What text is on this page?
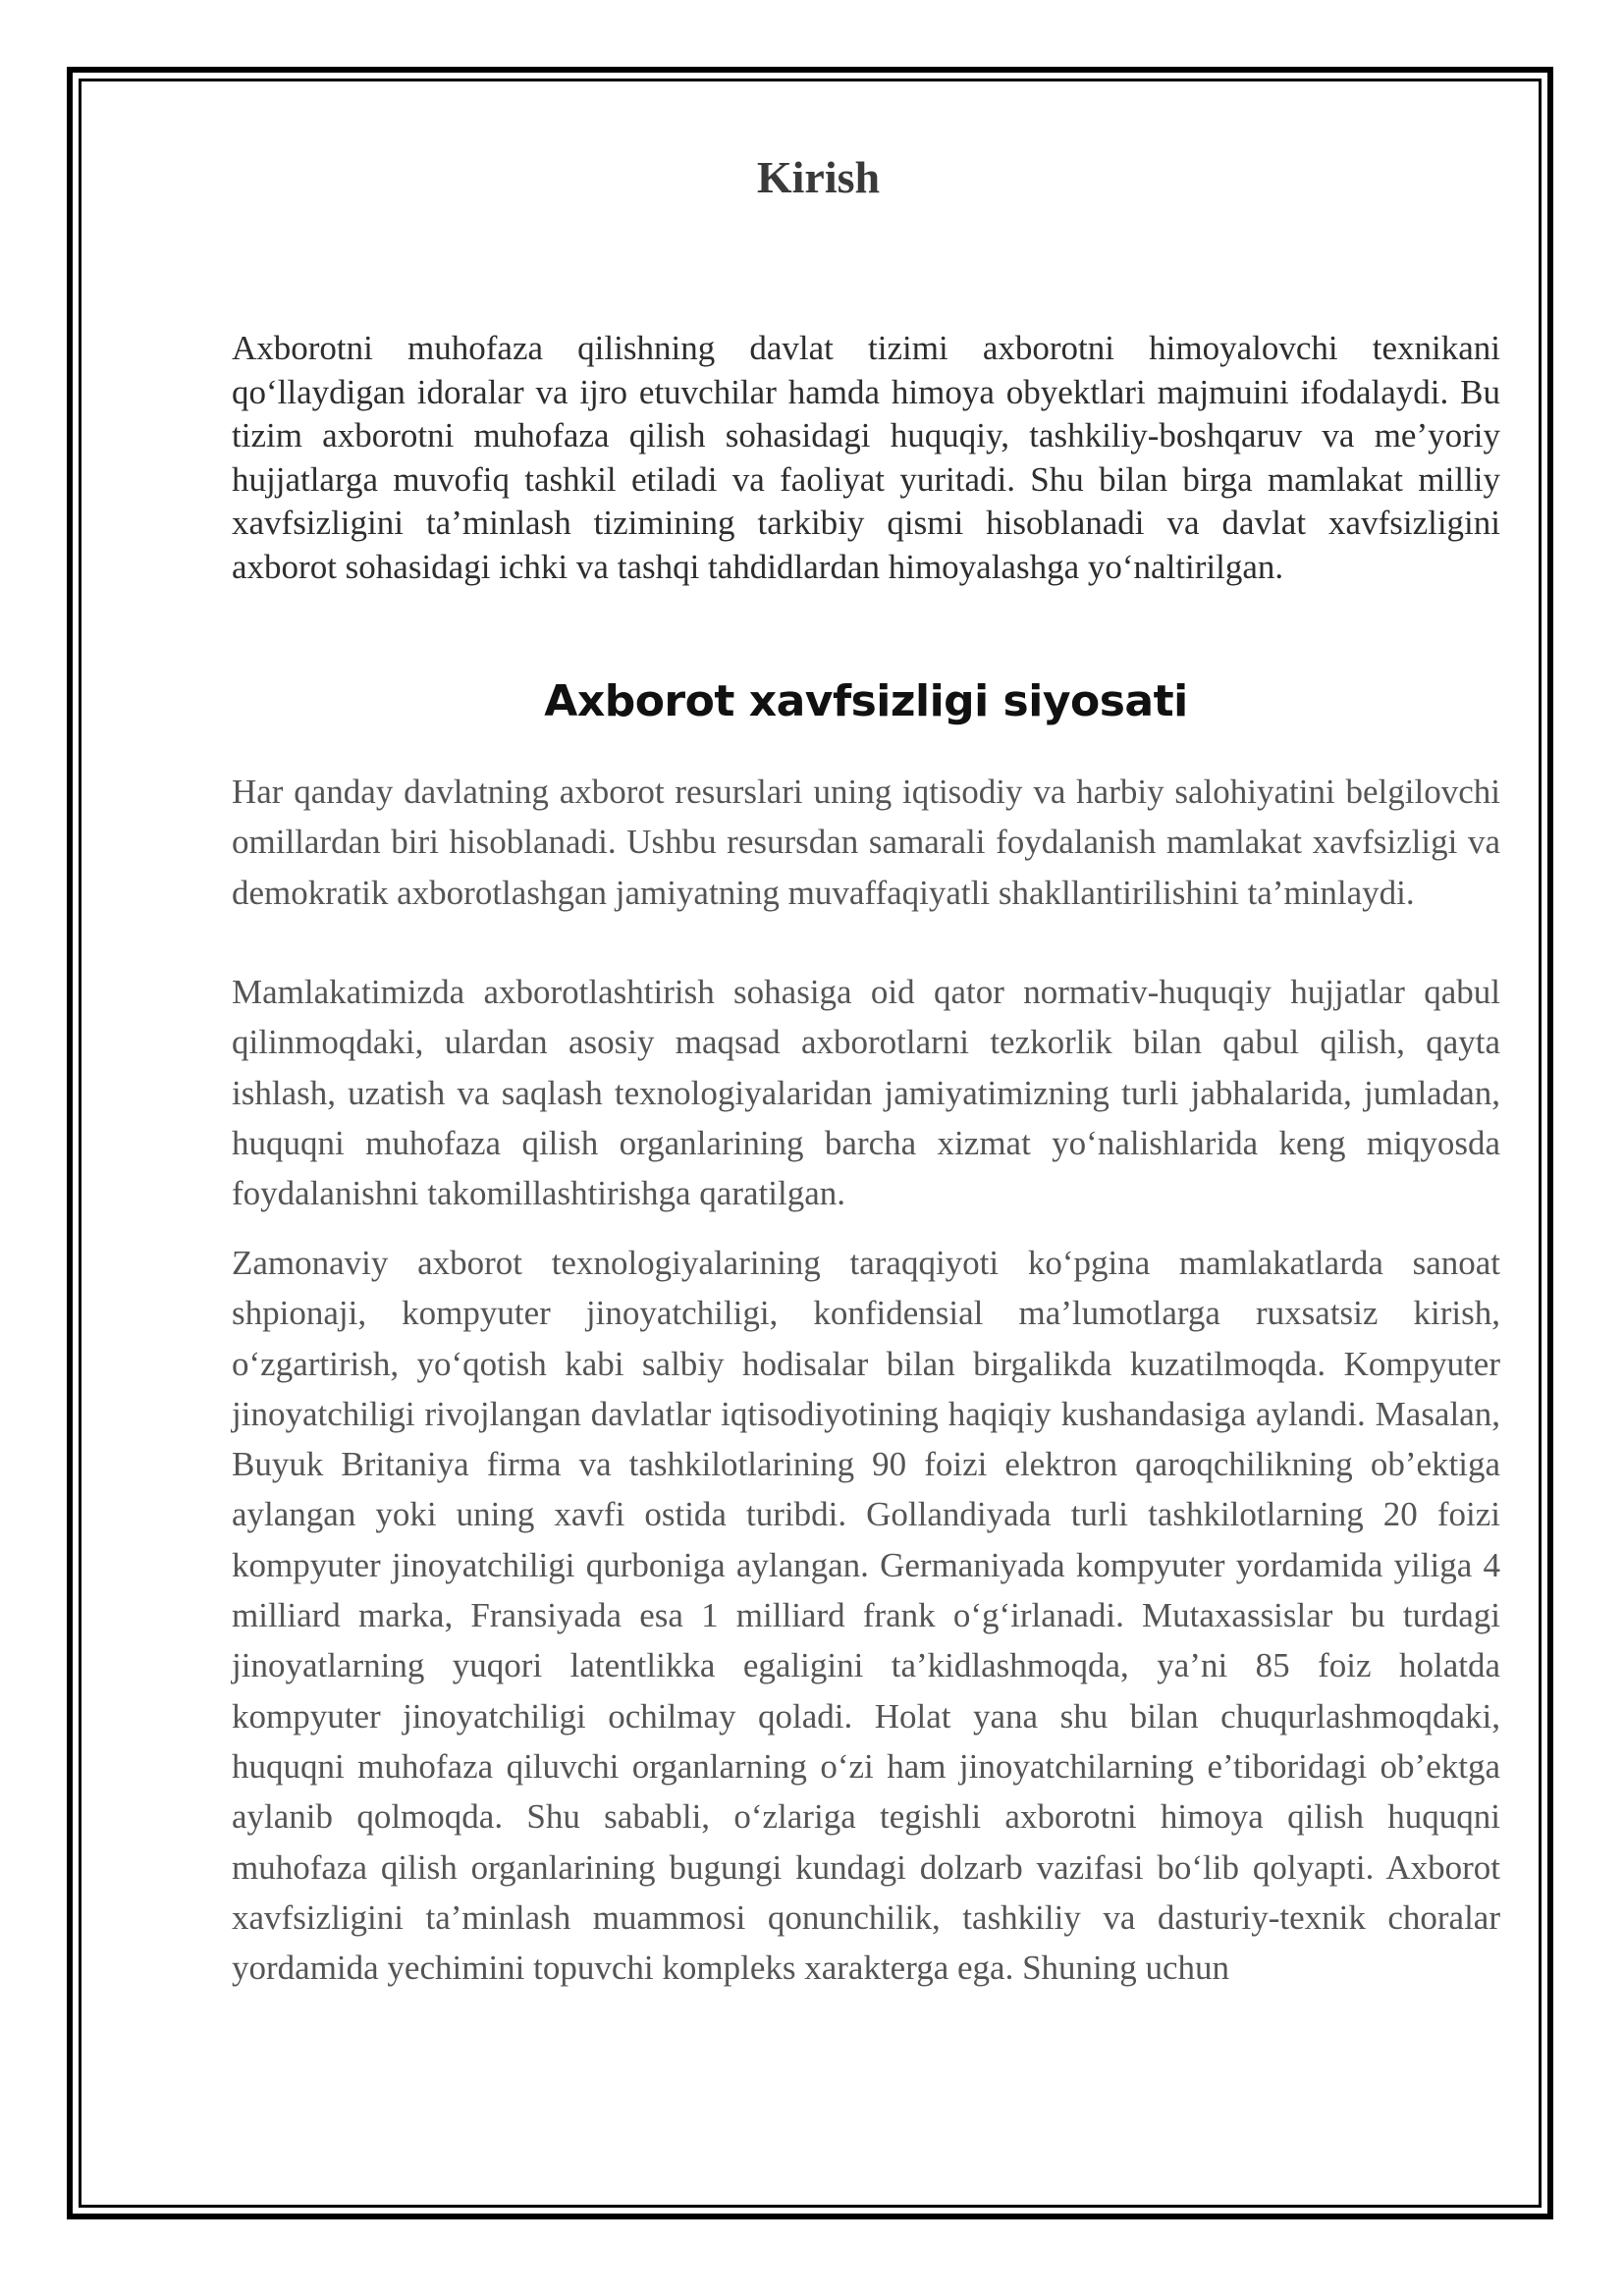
Kirish

Axborotni muhofaza qilishning davlat tizimi axborotni himoyalovchi texnikani qo‘llaydigan idoralar va ijro etuvchilar hamda himoya obyektlari majmuini ifodalaydi. Bu tizim axborotni muhofaza qilish sohasidagi huquqiy, tashkiliy-boshqaruv va me’yoriy hujjatlarga muvofiq tashkil etiladi va faoliyat yuritadi. Shu bilan birga mamlakat milliy xavfsizligini ta’minlash tizimining tarkibiy qismi hisoblanadi va davlat xavfsizligini axborot sohasidagi ichki va tashqi tahdidlardan himoyalashga yo‘naltirilgan.

Axborot xavfsizligi siyosati

Har qanday davlatning axborot resurslari uning iqtisodiy va harbiy salohiyatini belgilovchi omillardan biri hisoblanadi. Ushbu resursdan samarali foydalanish mamlakat xavfsizligi va demokratik axborotlashgan jamiyatning muvaffaqiyatli shakllantirilishini ta’minlaydi.

Mamlakatimizda axborotlashtirish sohasiga oid qator normativ-huquqiy hujjatlar qabul qilinmoqdaki, ulardan asosiy maqsad axborotlarni tezkorlik bilan qabul qilish, qayta ishlash, uzatish va saqlash texnologiyalaridan jamiyatimizning turli jabhalarida, jumladan, huquqni muhofaza qilish organlarining barcha xizmat yo‘nalishlarida keng miqyosda foydalanishni takomillashtirishga qaratilgan.

Zamonaviy axborot texnologiyalarining taraqqiyoti ko‘pgina mamlakatlarda sanoat shpionaji, kompyuter jinoyatchiligi, konfidensial ma’lumotlarga ruxsatsiz kirish, o‘zgartirish, yo‘qotish kabi salbiy hodisalar bilan birgalikda kuzatilmoqda. Kompyuter jinoyatchiligi rivojlangan davlatlar iqtisodiyotining haqiqiy kushandasiga aylandi. Masalan, Buyuk Britaniya firma va tashkilotlarining 90 foizi elektron qaroqchilikning ob’ektiga aylangan yoki uning xavfi ostida turibdi. Gollandiyada turli tashkilotlarning 20 foizi kompyuter jinoyatchiligi qurboniga aylangan. Germaniyada kompyuter yordamida yiliga 4 milliard marka, Fransiyada esa 1 milliard frank o‘g‘irlanadi. Mutaxassislar bu turdagi jinoyatlarning yuqori latentlikka egaligini ta’kidlashmoqda, ya’ni 85 foiz holatda kompyuter jinoyatchiligi ochilmay qoladi. Holat yana shu bilan chuqurlashmoqdaki, huquqni muhofaza qiluvchi organlarning o‘zi ham jinoyatchilarning e’tiboridagi ob’ektga aylanib qolmoqda. Shu sababli, o‘zlariga tegishli axborotni himoya qilish huquqni muhofaza qilish organlarining bugungi kundagi dolzarb vazifasi bo‘lib qolyapti. Axborot xavfsizligini ta’minlash muammosi qonunchilik, tashkiliy va dasturiy-texnik choralar yordamida yechimini topuvchi kompleks xarakterga ega. Shuning uchun
